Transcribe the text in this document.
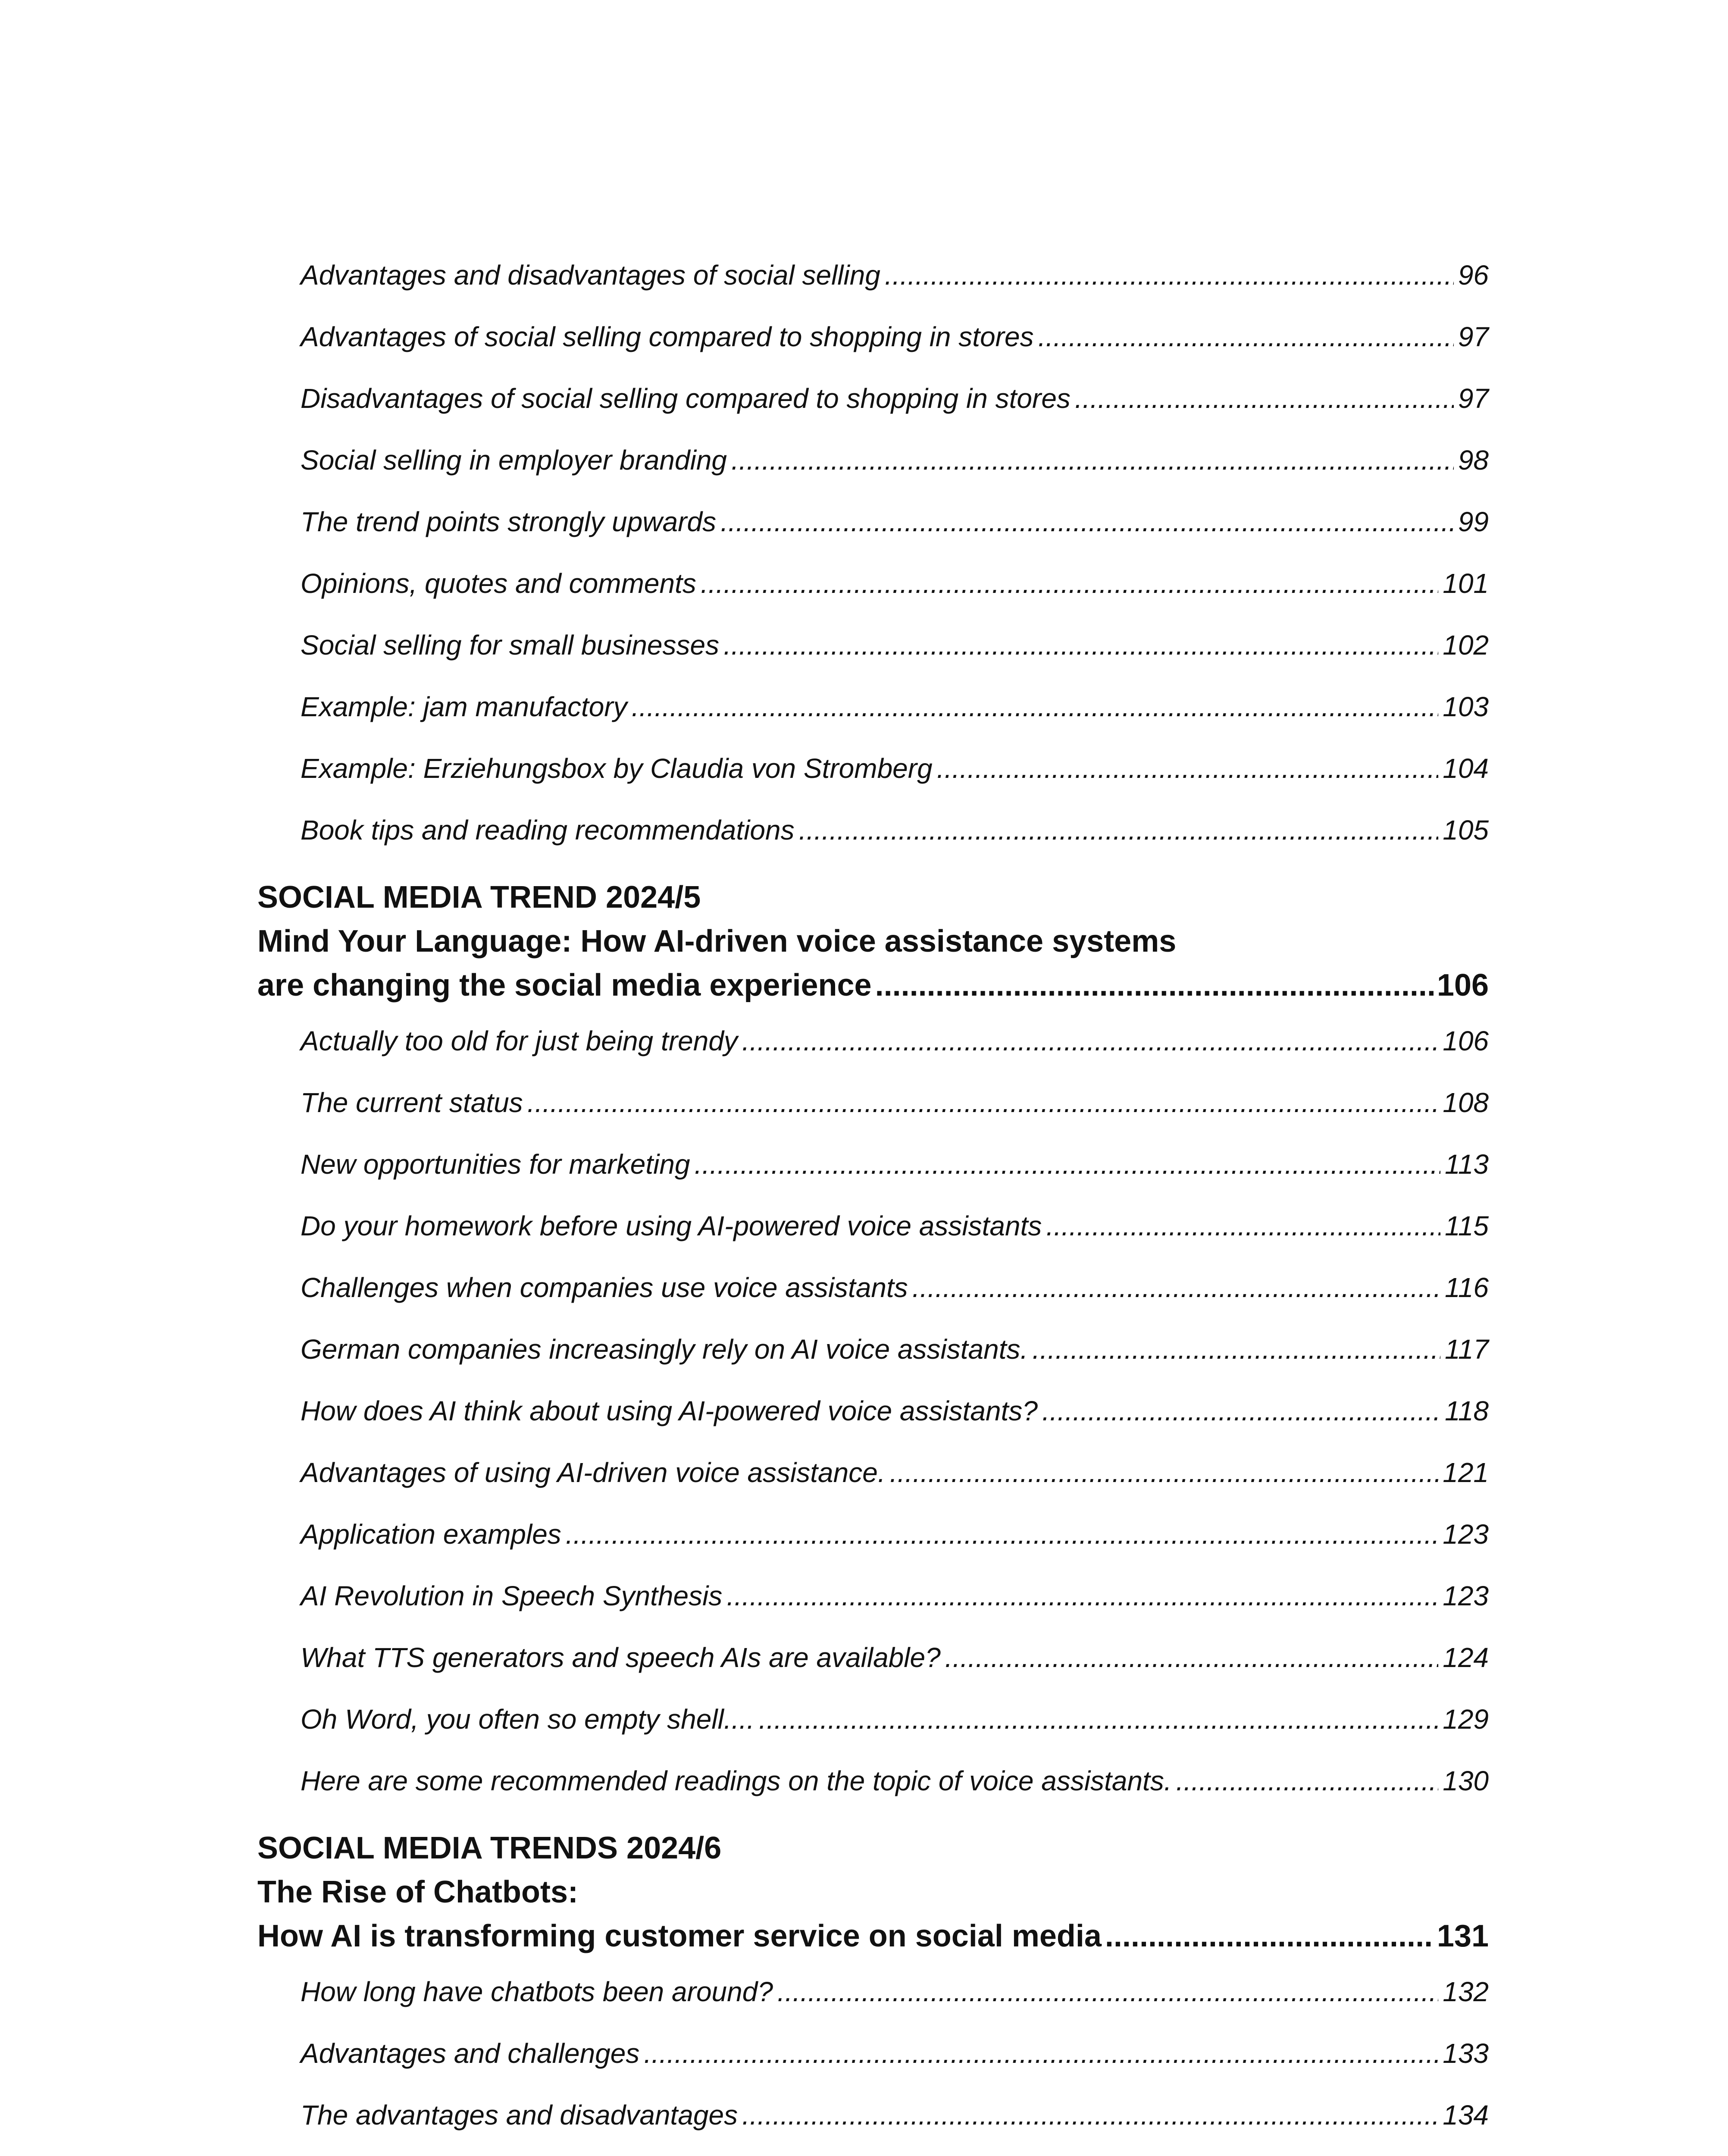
Advantages and disadvantages of social selling .....	96
Advantages of social selling compared to shopping in stores .....	97
Disadvantages of social selling compared to shopping in stores .....	97
Social selling in employer branding .....	98
The trend points strongly upwards .....	99
Opinions, quotes and comments .....	101
Social selling for small businesses .....	102
Example: jam manufactory .....	103
Example: Erziehungsbox by Claudia von Stromberg .....	104
Book tips and reading recommendations .....	105
SOCIAL MEDIA TREND 2024/5
Mind Your Language: How AI-driven voice assistance systems
are changing the social media experience .....	106
Actually too old for just being trendy .....	106
The current status .....	108
New opportunities for marketing .....	113
Do your homework before using AI-powered voice assistants .....	115
Challenges when companies use voice assistants .....	116
German companies increasingly rely on AI voice assistants. .....	117
How does AI think about using AI-powered voice assistants? .....	118
Advantages of using AI-driven voice assistance. .....	121
Application examples .....	123
AI Revolution in Speech Synthesis .....	123
What TTS generators and speech AIs are available? .....	124
Oh Word, you often so empty shell.... .....	129
Here are some recommended readings on the topic of voice assistants. .....	130
SOCIAL MEDIA TRENDS 2024/6
The Rise of Chatbots:
How AI is transforming customer service on social media .....	131
How long have chatbots been around? .....	132
Advantages and challenges .....	133
The advantages and disadvantages .....	134
